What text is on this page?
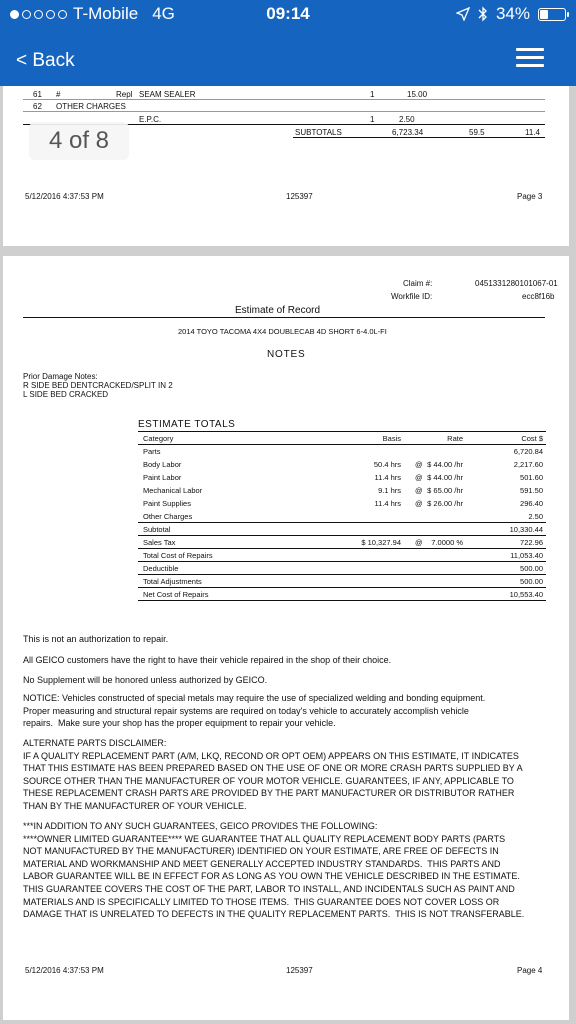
T-Mobile 4G	09:14	34%
< Back
61 #	Repl SEAM SEALER	1	15.00
62 OTHER CHARGES
E.P.C.	1	2.50
SUBTOTALS	6,723.34	59.5	11.4
5/12/2016 4:37:53 PM	125397	Page 3
4 of 8
Claim #:	0451331280101067-01
Workfile ID:	ecc8f16b
Estimate of Record
2014 TOYO TACOMA 4X4 DOUBLECAB 4D SHORT 6-4.0L-FI
NOTES
Prior Damage Notes:
R SIDE BED DENTCRACKED/SPLIT IN 2
L SIDE BED CRACKED
ESTIMATE TOTALS
Category	Basis	Rate	Cost $
Parts	6,720.84
Body Labor	50.4 hrs @ $ 44.00 /hr	2,217.60
Paint Labor	11.4 hrs @ $ 44.00 /hr	501.60
Mechanical Labor	9.1 hrs @ $ 65.00 /hr	591.50
Paint Supplies	11.4 hrs @ $ 26.00 /hr	296.40
Other Charges	2.50
Subtotal	10,330.44
Sales Tax	$ 10,327.94 @ 7.0000 %	722.96
Total Cost of Repairs	11,053.40
Deductible	500.00
Total Adjustments	500.00
Net Cost of Repairs	10,553.40
This is not an authorization to repair.
All GEICO customers have the right to have their vehicle repaired in the shop of their choice.
No Supplement will be honored unless authorized by GEICO.
NOTICE: Vehicles constructed of special metals may require the use of specialized welding and bonding equipment.
Proper measuring and structural repair systems are required on today's vehicle to accurately accomplish vehicle
repairs.  Make sure your shop has the proper equipment to repair your vehicle.
ALTERNATE PARTS DISCLAIMER:
IF A QUALITY REPLACEMENT PART (A/M, LKQ, RECOND OR OPT OEM) APPEARS ON THIS ESTIMATE, IT INDICATES
THAT THIS ESTIMATE HAS BEEN PREPARED BASED ON THE USE OF ONE OR MORE CRASH PARTS SUPPLIED BY A
SOURCE OTHER THAN THE MANUFACTURER OF YOUR MOTOR VEHICLE. GUARANTEES, IF ANY, APPLICABLE TO
THESE REPLACEMENT CRASH PARTS ARE PROVIDED BY THE PART MANUFACTURER OR DISTRIBUTOR RATHER
THAN BY THE MANUFACTURER OF YOUR VEHICLE.
***IN ADDITION TO ANY SUCH GUARANTEES, GEICO PROVIDES THE FOLLOWING:
****OWNER LIMITED GUARANTEE**** WE GUARANTEE THAT ALL QUALITY REPLACEMENT BODY PARTS (PARTS
NOT MANUFACTURED BY THE MANUFACTURER) IDENTIFIED ON YOUR ESTIMATE, ARE FREE OF DEFECTS IN
MATERIAL AND WORKMANSHIP AND MEET GENERALLY ACCEPTED INDUSTRY STANDARDS.  THIS PARTS AND
LABOR GUARANTEE WILL BE IN EFFECT FOR AS LONG AS YOU OWN THE VEHICLE DESCRIBED IN THE ESTIMATE.
THIS GUARANTEE COVERS THE COST OF THE PART, LABOR TO INSTALL, AND INCIDENTALS SUCH AS PAINT AND
MATERIALS AND IS SPECIFICALLY LIMITED TO THOSE ITEMS.  THIS GUARANTEE DOES NOT COVER LOSS OR
DAMAGE THAT IS UNRELATED TO DEFECTS IN THE QUALITY REPLACEMENT PARTS.  THIS IS NOT TRANSFERABLE.
5/12/2016 4:37:53 PM	125397	Page 4
